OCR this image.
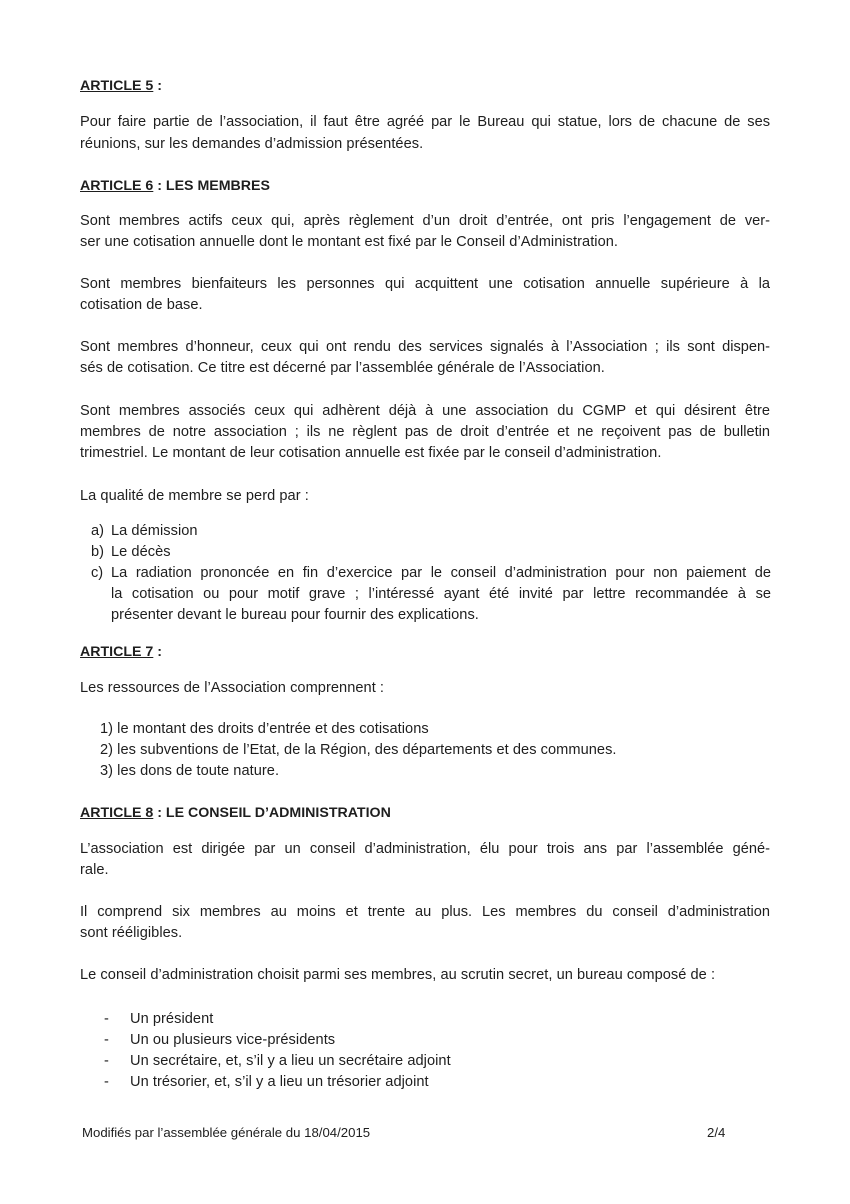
ARTICLE 5 :
Pour faire partie de l’association, il faut être agréé par le Bureau qui statue, lors de chacune de ses
réunions, sur les demandes d’admission présentées.
ARTICLE 6 : LES MEMBRES
Sont membres actifs ceux qui, après règlement d’un droit d’entrée, ont pris l’engagement de ver-
ser une cotisation annuelle dont le montant est fixé par le Conseil d’Administration.
Sont membres bienfaiteurs les personnes qui acquittent une cotisation annuelle supérieure à la
cotisation de base.
Sont membres d’honneur, ceux qui ont rendu des services signalés à l’Association ; ils sont dispen-
sés de cotisation. Ce titre est décerné par l’assemblée générale de l’Association.
Sont membres associés ceux qui adhèrent déjà à une association du CGMP et qui désirent être
membres de notre association ; ils ne règlent pas de droit d’entrée et ne reçoivent pas de bulletin
trimestriel. Le montant de leur cotisation annuelle est fixée par le conseil d’administration.
La qualité de membre se perd par :
a) La démission
b) Le décès
c) La radiation prononcée en fin d’exercice par le conseil d’administration pour non paiement de
la cotisation ou pour motif grave ; l’intéressé ayant été invité par lettre recommandée à se
présenter devant le bureau pour fournir des explications.
ARTICLE 7 :
Les ressources de l’Association comprennent :
1) le montant des droits d’entrée et des cotisations
2) les subventions de l’Etat, de la Région, des départements et des communes.
3) les dons de toute nature.
ARTICLE 8 : LE CONSEIL D’ADMINISTRATION
L’association est dirigée par un conseil d’administration, élu pour trois ans par l’assemblée géné-
rale.
Il comprend six membres au moins et trente au plus. Les membres du conseil d’administration
sont rééligibles.
Le conseil d’administration choisit parmi ses membres, au scrutin secret, un bureau composé de :
- Un président
- Un ou plusieurs vice-présidents
- Un secrétaire, et, s’il y a lieu un secrétaire adjoint
- Un trésorier, et, s’il y a lieu un trésorier adjoint
Modifiés par l’assemblée générale du 18/04/2015	2/4
